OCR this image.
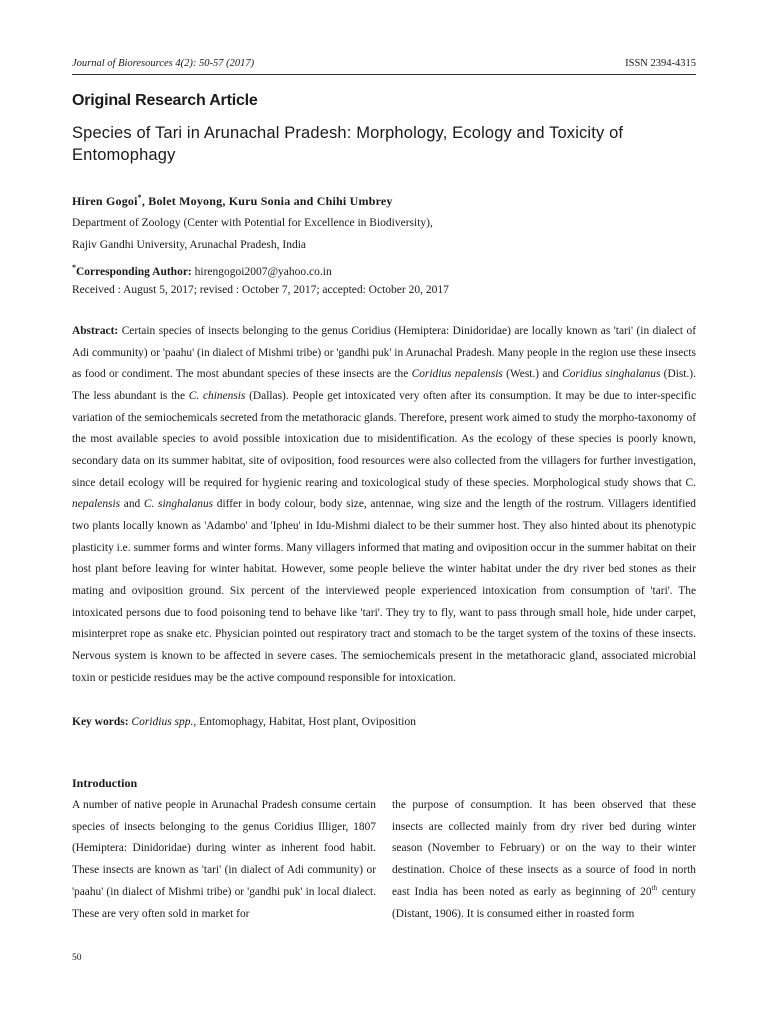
Journal of Bioresources 4(2): 50-57 (2017)	ISSN 2394-4315
Original Research Article
Species of Tari in Arunachal Pradesh: Morphology, Ecology and Toxicity of Entomophagy
Hiren Gogoi*, Bolet Moyong, Kuru Sonia and Chihi Umbrey
Department of Zoology (Center with Potential for Excellence in Biodiversity),
Rajiv Gandhi University, Arunachal Pradesh, India
*Corresponding Author: hirengogoi2007@yahoo.co.in
Received : August 5, 2017; revised : October 7, 2017; accepted: October 20, 2017
Abstract: Certain species of insects belonging to the genus Coridius (Hemiptera: Dinidoridae) are locally known as 'tari' (in dialect of Adi community) or 'paahu' (in dialect of Mishmi tribe) or 'gandhi puk' in Arunachal Pradesh. Many people in the region use these insects as food or condiment. The most abundant species of these insects are the Coridius nepalensis (West.) and Coridius singhalanus (Dist.). The less abundant is the C. chinensis (Dallas). People get intoxicated very often after its consumption. It may be due to inter-specific variation of the semiochemicals secreted from the metathoracic glands. Therefore, present work aimed to study the morpho-taxonomy of the most available species to avoid possible intoxication due to misidentification. As the ecology of these species is poorly known, secondary data on its summer habitat, site of oviposition, food resources were also collected from the villagers for further investigation, since detail ecology will be required for hygienic rearing and toxicological study of these species. Morphological study shows that C. nepalensis and C. singhalanus differ in body colour, body size, antennae, wing size and the length of the rostrum. Villagers identified two plants locally known as 'Adambo' and 'Ipheu' in Idu-Mishmi dialect to be their summer host. They also hinted about its phenotypic plasticity i.e. summer forms and winter forms. Many villagers informed that mating and oviposition occur in the summer habitat on their host plant before leaving for winter habitat. However, some people believe the winter habitat under the dry river bed stones as their mating and oviposition ground. Six percent of the interviewed people experienced intoxication from consumption of 'tari'. The intoxicated persons due to food poisoning tend to behave like 'tari'. They try to fly, want to pass through small hole, hide under carpet, misinterpret rope as snake etc. Physician pointed out respiratory tract and stomach to be the target system of the toxins of these insects. Nervous system is known to be affected in severe cases. The semiochemicals present in the metathoracic gland, associated microbial toxin or pesticide residues may be the active compound responsible for intoxication.
Key words: Coridius spp., Entomophagy, Habitat, Host plant, Oviposition
Introduction
A number of native people in Arunachal Pradesh consume certain species of insects belonging to the genus Coridius Illiger, 1807 (Hemiptera: Dinidoridae) during winter as inherent food habit. These insects are known as 'tari' (in dialect of Adi community) or 'paahu' (in dialect of Mishmi tribe) or 'gandhi puk' in local dialect. These are very often sold in market for
the purpose of consumption. It has been observed that these insects are collected mainly from dry river bed during winter season (November to February) or on the way to their winter destination. Choice of these insects as a source of food in north east India has been noted as early as beginning of 20th century (Distant, 1906). It is consumed either in roasted form
50
